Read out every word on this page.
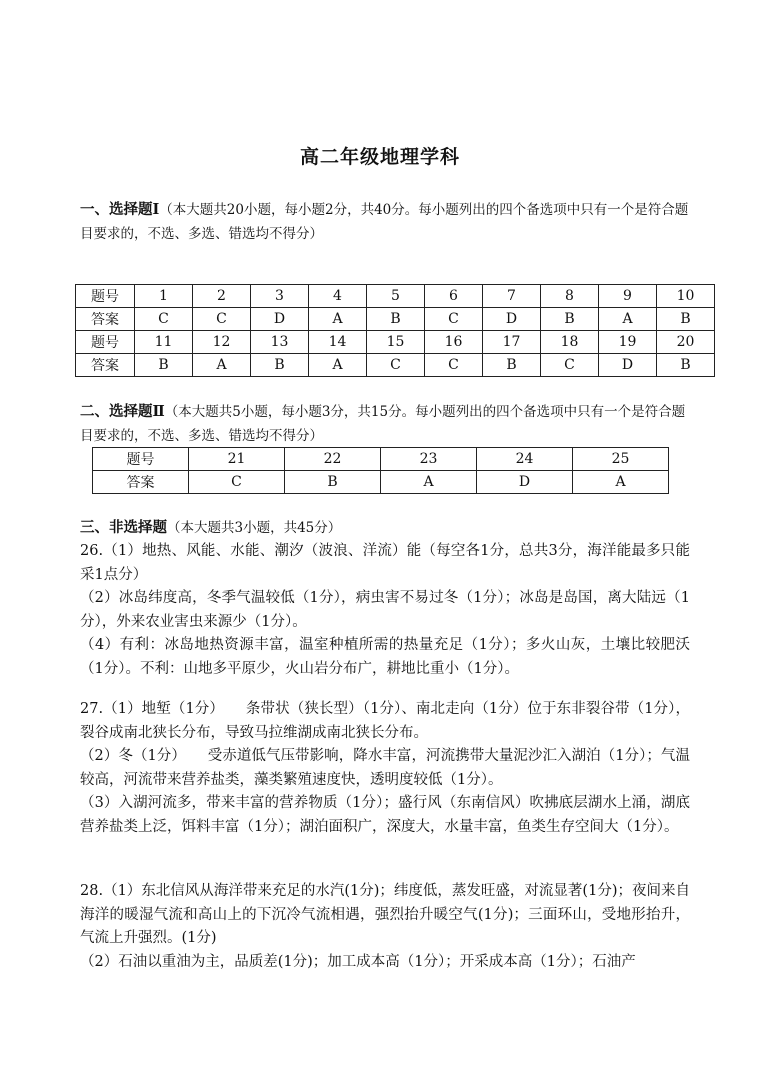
高二年级地理学科
一、选择题Ⅰ（本大题共20小题，每小题2分，共40分。每小题列出的四个备选项中只有一个是符合题目要求的，不选、多选、错选均不得分）
题号	1	2	3	4	5	6	7	8	9	10
答案	C	C	D	A	B	C	D	B	A	B
题号	11	12	13	14	15	16	17	18	19	20
答案	B	A	B	A	C	C	B	C	D	B
二、选择题Ⅱ（本大题共5小题，每小题3分，共15分。每小题列出的四个备选项中只有一个是符合题目要求的，不选、多选、错选均不得分）
题号	21	22	23	24	25
答案	C	B	A	D	A
三、非选择题（本大题共3小题，共45分）

26.（1）地热、风能、水能、潮汐（波浪、洋流）能（每空各1分，总共3分，海洋能最多只能采1点分）

（2）冰岛纬度高，冬季气温较低（1分），病虫害不易过冬（1分）；冰岛是岛国，离大陆远（1分），外来农业害虫来源少（1分）。

（4）有利：冰岛地热资源丰富，温室种植所需的热量充足（1分）；多火山灰，土壤比较肥沃（1分）。不利：山地多平原少，火山岩分布广，耕地比重小（1分）。

27.（1）地堑（1分）　　条带状（狭长型）（1分）、南北走向（1分）位于东非裂谷带（1分），裂谷成南北狭长分布，导致马拉维湖成南北狭长分布。

（2）冬（1分）　　受赤道低气压带影响，降水丰富，河流携带大量泥沙汇入湖泊（1分）；气温较高，河流带来营养盐类，藻类繁殖速度快，透明度较低（1分）。

（3）入湖河流多，带来丰富的营养物质（1分）；盛行风（东南信风）吹拂底层湖水上涌，湖底营养盐类上泛，饵料丰富（1分）；湖泊面积广，深度大，水量丰富，鱼类生存空间大（1分）。

28.（1）东北信风从海洋带来充足的水汽(1分)；纬度低，蒸发旺盛，对流显著(1分)；夜间来自海洋的暖湿气流和高山上的下沉冷气流相遇，强烈抬升暖空气(1分)；三面环山，受地形抬升，气流上升强烈。(1分)

（2）石油以重油为主，品质差(1分)；加工成本高（1分）；开采成本高（1分）；石油产
